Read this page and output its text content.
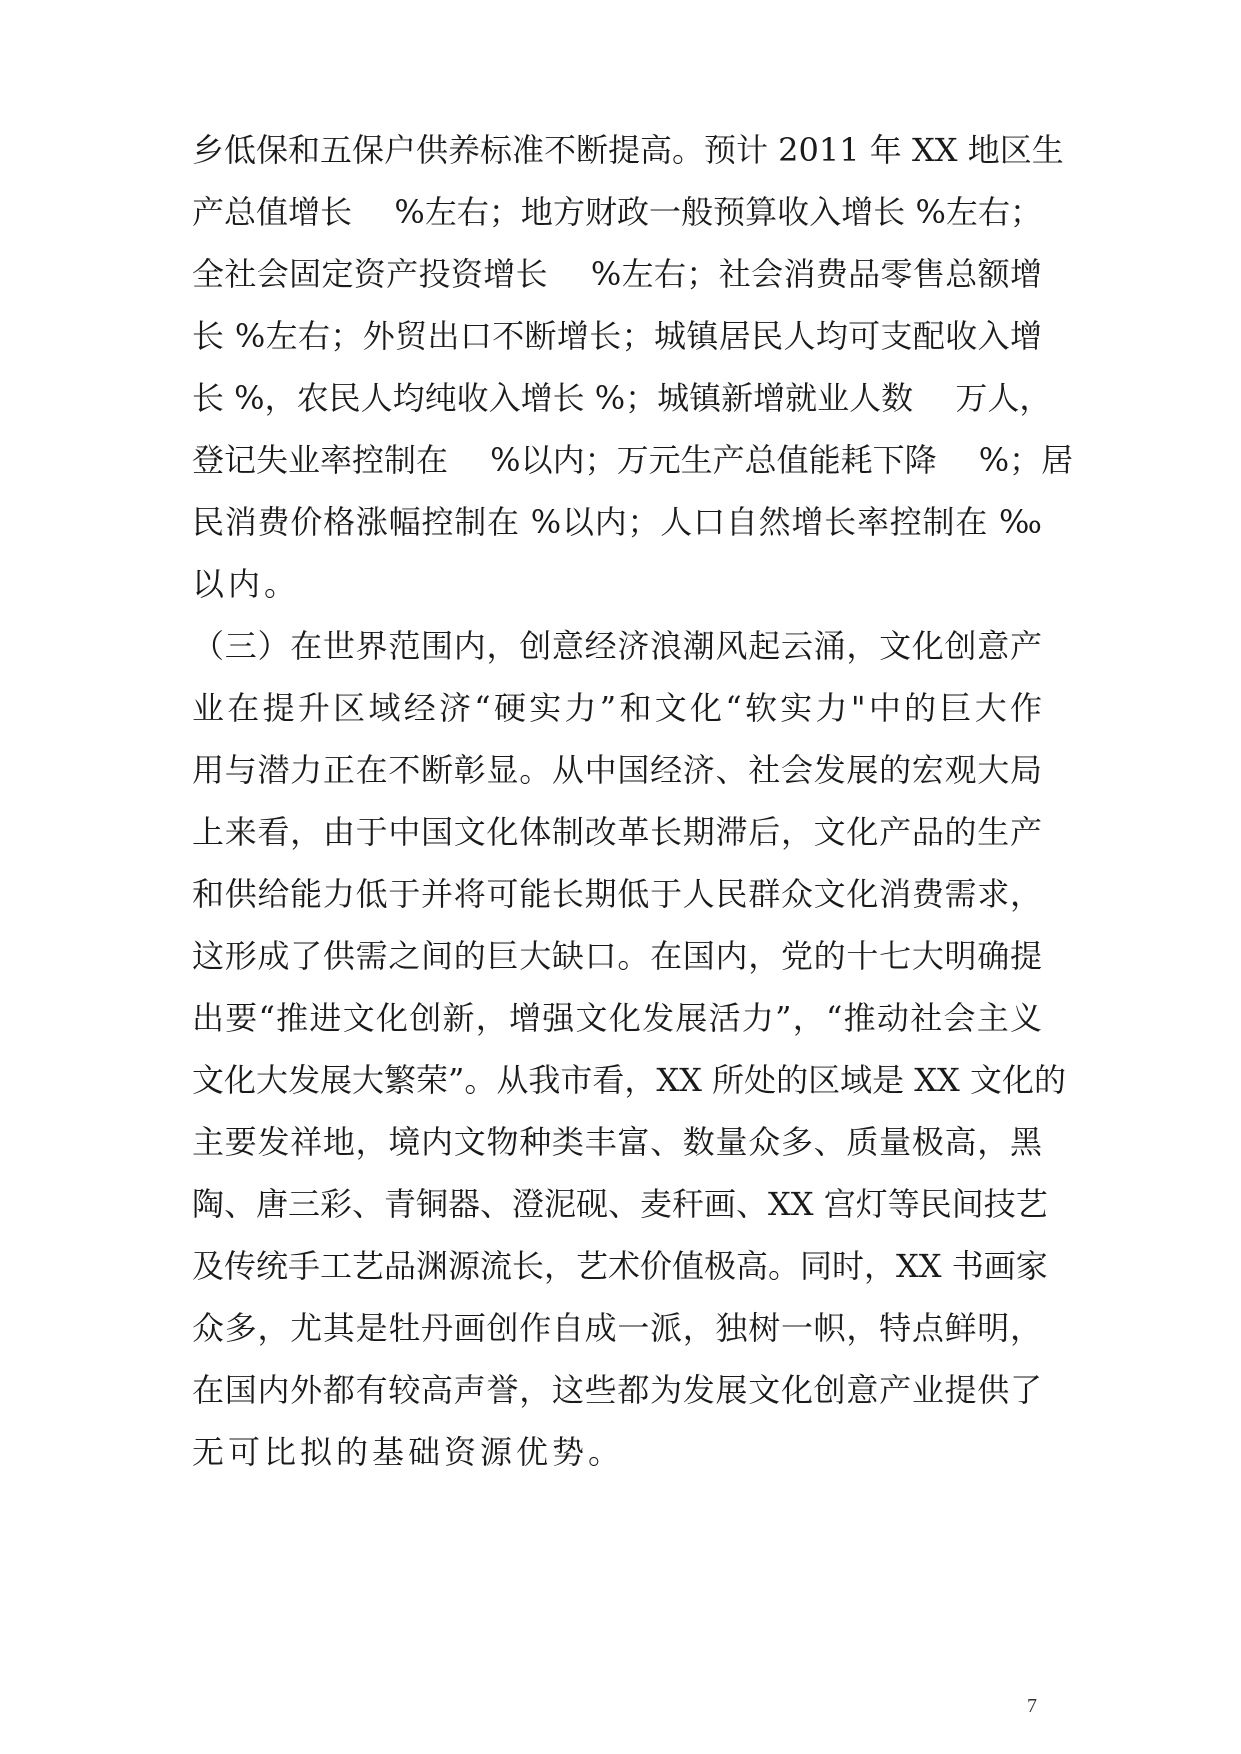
乡低保和五保户供养标准不断提高。预计 2011 年 XX 地区生
产总值增长　 %左右；地方财政一般预算收入增长 %左右；
全社会固定资产投资增长　 %左右；社会消费品零售总额增
长 %左右；外贸出口不断增长；城镇居民人均可支配收入增
长 %，农民人均纯收入增长 %；城镇新增就业人数　 万人，
登记失业率控制在　 %以内；万元生产总值能耗下降　 %；居
民消费价格涨幅控制在 %以内；人口自然增长率控制在 ‰
以内。
（三）在世界范围内，创意经济浪潮风起云涌，文化创意产
业在提升区域经济“硬实力”和文化“软实力"中的巨大作
用与潜力正在不断彰显。从中国经济、社会发展的宏观大局
上来看，由于中国文化体制改革长期滞后，文化产品的生产
和供给能力低于并将可能长期低于人民群众文化消费需求，
这形成了供需之间的巨大缺口。在国内，党的十七大明确提
出要“推进文化创新，增强文化发展活力”，“推动社会主义
文化大发展大繁荣”。从我市看，XX 所处的区域是 XX 文化的
主要发祥地，境内文物种类丰富、数量众多、质量极高，黑
陶、唐三彩、青铜器、澄泥砚、麦秆画、XX 宫灯等民间技艺
及传统手工艺品渊源流长，艺术价值极高。同时，XX 书画家
众多，尤其是牡丹画创作自成一派，独树一帜，特点鲜明，
在国内外都有较高声誉，这些都为发展文化创意产业提供了
无可比拟的基础资源优势。
7
